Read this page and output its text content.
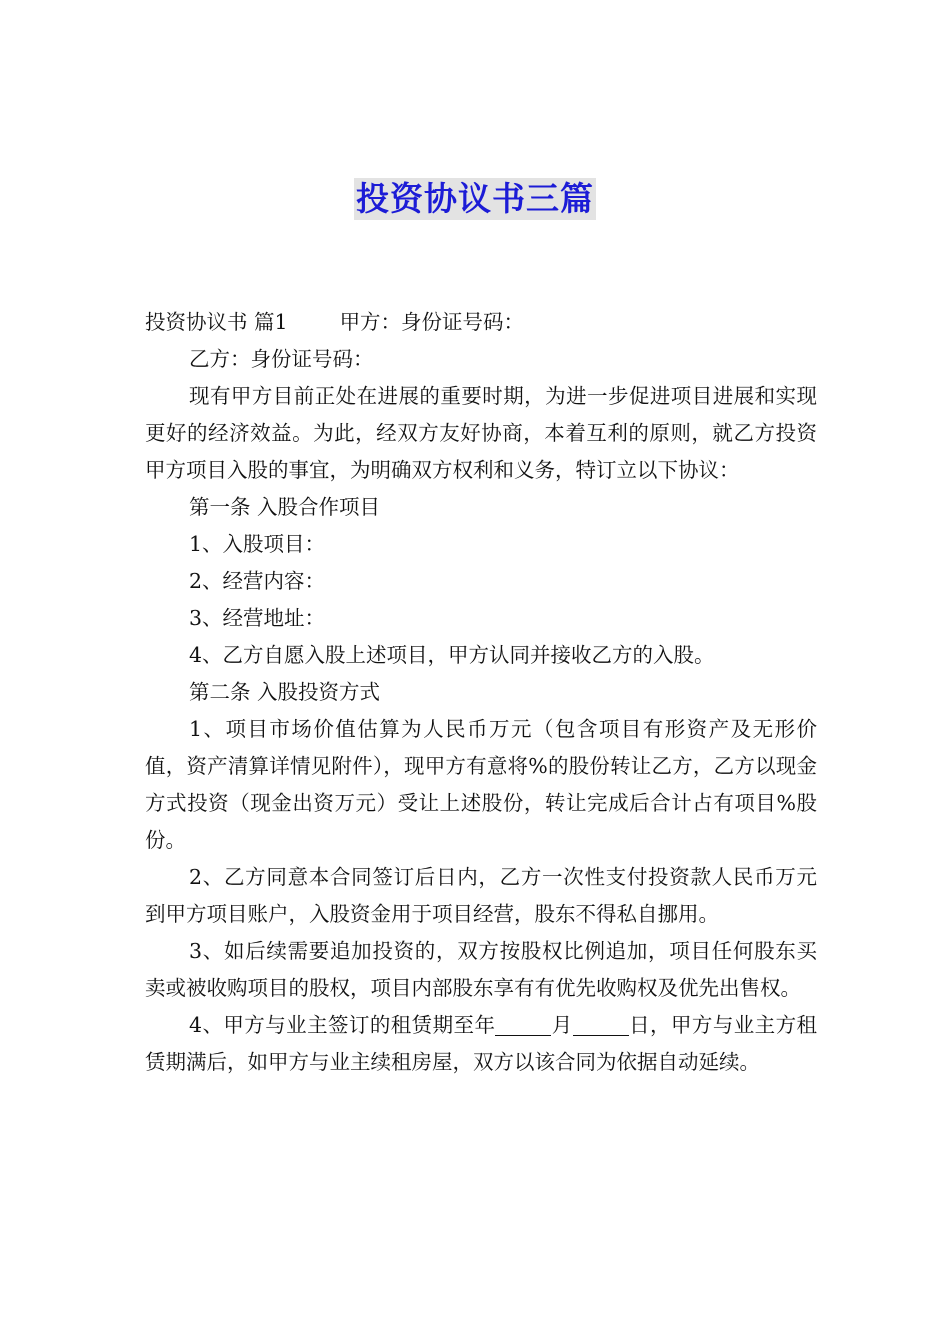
投资协议书三篇

投资协议书 篇1	甲方：身份证号码：

乙方：身份证号码：

现有甲方目前正处在进展的重要时期，为进一步促进项目进展和实现更好的经济效益。为此，经双方友好协商，本着互利的原则，就乙方投资甲方项目入股的事宜，为明确双方权利和义务，特订立以下协议：

第一条 入股合作项目

1、入股项目：

2、经营内容：

3、经营地址：

4、乙方自愿入股上述项目，甲方认同并接收乙方的入股。

第二条 入股投资方式

1、项目市场价值估算为人民币万元（包含项目有形资产及无形价值，资产清算详情见附件），现甲方有意将%的股份转让乙方，乙方以现金 方式投资（现金出资万元）受让上述股份，转让完成后合计占有项目%股份。

2、乙方同意本合同签订后日内，乙方一次性支付投资款人民币万元到甲方项目账户，入股资金用于项目经营，股东不得私自挪用。

3、如后续需要追加投资的，双方按股权比例追加，项目任何股东买卖或被收购项目的股权，项目内部股东享有有优先收购权及优先出售权。

4、甲方与业主签订的租赁期至年	月	日，甲方与业主方租赁期满后，如甲方与业主续租房屋，双方以该合同为依据自动延续。
